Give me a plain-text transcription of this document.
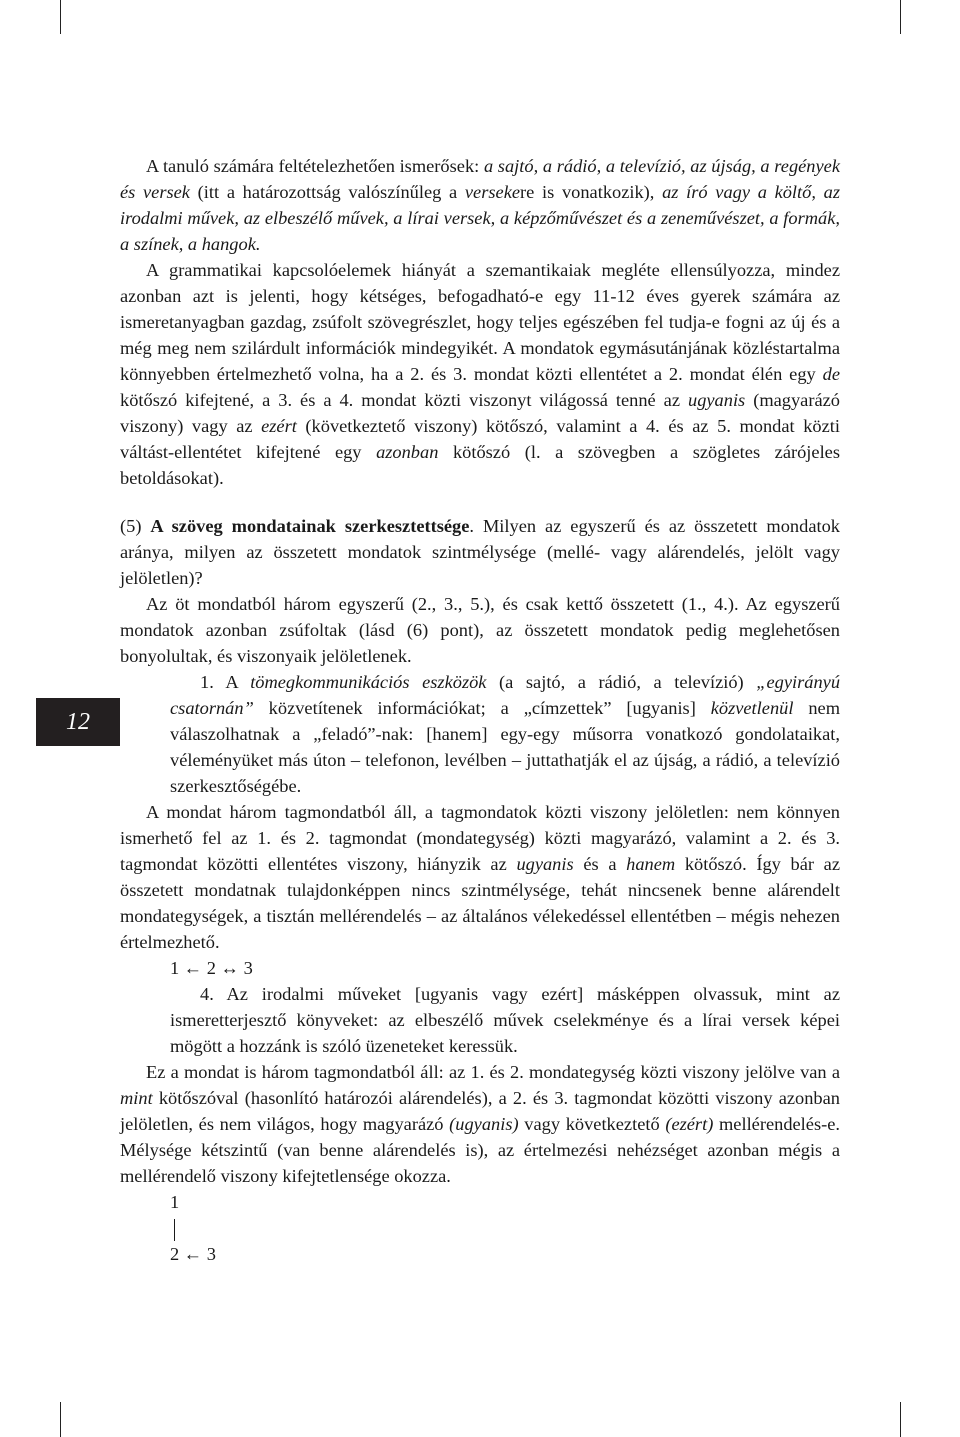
12

A tanuló számára feltételezhetően ismerősek: a sajtó, a rádió, a televízió, az újság, a regények és versek (itt a határozottság valószínűleg a versekere is vonatkozik), az író vagy a költő, az irodalmi művek, az elbeszélő művek, a lírai versek, a képzőművészet és a zeneművészet, a formák, a színek, a hangok.

A grammatikai kapcsolóelemek hiányát a szemantikaiak megléte ellensúlyozza, mindez azonban azt is jelenti, hogy kétséges, befogadható-e egy 11-12 éves gyerek számára az ismeretanyagban gazdag, zsúfolt szövegrészlet, hogy teljes egészében fel tudja-e fogni az új és a még meg nem szilárdult információk mindegyikét. A mondatok egymásutánjának közléstartalma könnyebben értelmezhető volna, ha a 2. és 3. mondat közti ellentétet a 2. mondat élén egy de kötőszó kifejtené, a 3. és a 4. mondat közti viszonyt világossá tenné az ugyanis (magyarázó viszony) vagy az ezért (következtető viszony) kötőszó, valamint a 4. és az 5. mondat közti váltást-ellentétet kifejtené egy azonban kötőszó (l. a szövegben a szögletes zárójeles betoldásokat).

(5) A szöveg mondatainak szerkesztettsége. Milyen az egyszerű és az összetett mondatok aránya, milyen az összetett mondatok szintmélysége (mellé- vagy alárendelés, jelölt vagy jelöletlen)?

Az öt mondatból három egyszerű (2., 3., 5.), és csak kettő összetett (1., 4.). Az egyszerű mondatok azonban zsúfoltak (lásd (6) pont), az összetett mondatok pedig meglehetősen bonyolultak, és viszonyaik jelöletlenek.

1. A tömegkommunikációs eszközök (a sajtó, a rádió, a televízió) „egyirányú csatornán” közvetítenek információkat; a „címzettek” [ugyanis] közvetlenül nem válaszolhatnak a „feladó”-nak: [hanem] egy-egy műsorra vonatkozó gondolataikat, véleményüket más úton – telefonon, levélben – juttathatják el az újság, a rádió, a televízió szerkesztőségébe.

A mondat három tagmondatból áll, a tagmondatok közti viszony jelöletlen: nem könnyen ismerhető fel az 1. és 2. tagmondat (mondategység) közti magyarázó, valamint a 2. és 3. tagmondat közötti ellentétes viszony, hiányzik az ugyanis és a hanem kötőszó. Így bár az összetett mondatnak tulajdonképpen nincs szintmélysége, tehát nincsenek benne alárendelt mondategységek, a tisztán mellérendelés – az általános vélekedéssel ellentétben – mégis nehezen értelmezhető.

1 ← 2 ↔ 3

4. Az irodalmi műveket [ugyanis vagy ezért] másképpen olvassuk, mint az ismeretterjesztő könyveket: az elbeszélő művek cselekménye és a lírai versek képei mögött a hozzánk is szóló üzeneteket keressük.

Ez a mondat is három tagmondatból áll: az 1. és 2. mondategység közti viszony jelölve van a mint kötőszóval (hasonlító határozói alárendelés), a 2. és 3. tagmondat közötti viszony azonban jelöletlen, és nem világos, hogy magyarázó (ugyanis) vagy következtető (ezért) mellérendelés-e. Mélysége kétszintű (van benne alárendelés is), az értelmezési nehézséget azonban mégis a mellérendelő viszony kifejtetlensége okozza.

1
2 ← 3
